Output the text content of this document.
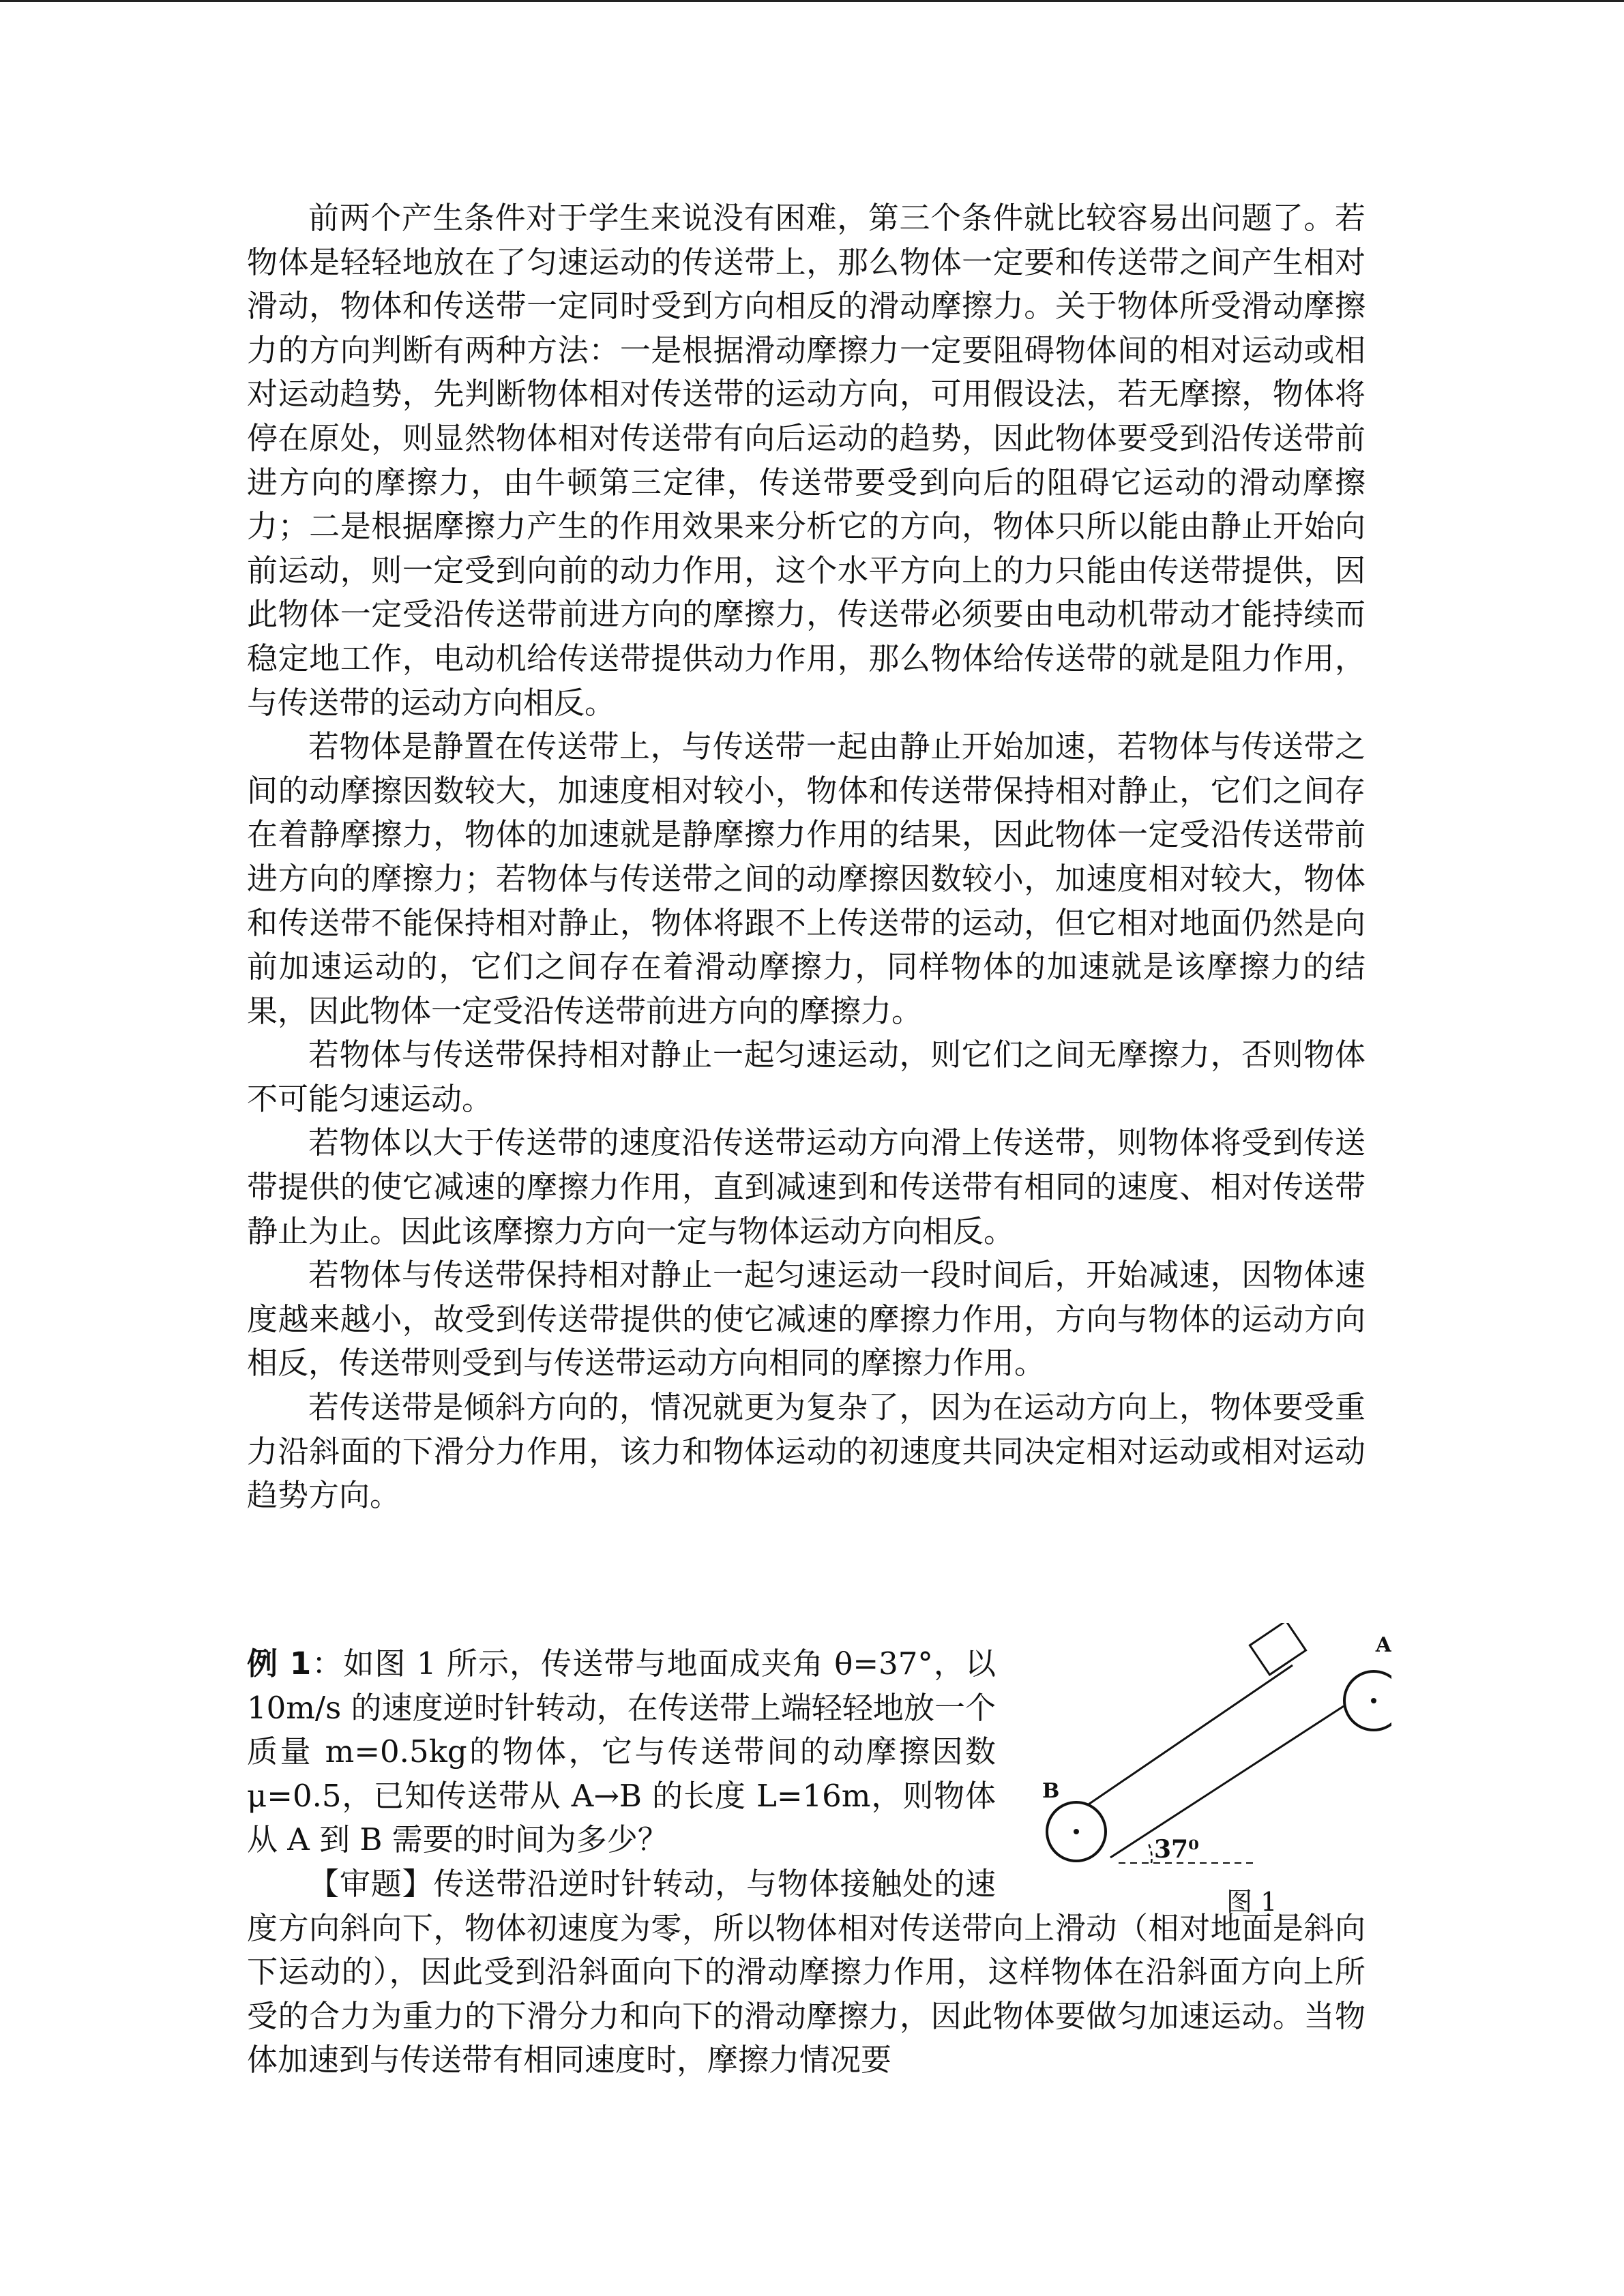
前两个产生条件对于学生来说没有困难，第三个条件就比较容易出问题了。若物体是轻轻地放在了匀速运动的传送带上，那么物体一定要和传送带之间产生相对滑动，物体和传送带一定同时受到方向相反的滑动摩擦力。关于物体所受滑动摩擦力的方向判断有两种方法：一是根据滑动摩擦力一定要阻碍物体间的相对运动或相对运动趋势，先判断物体相对传送带的运动方向，可用假设法，若无摩擦，物体将停在原处，则显然物体相对传送带有向后运动的趋势，因此物体要受到沿传送带前进方向的摩擦力，由牛顿第三定律，传送带要受到向后的阻碍它运动的滑动摩擦力；二是根据摩擦力产生的作用效果来分析它的方向，物体只所以能由静止开始向前运动，则一定受到向前的动力作用，这个水平方向上的力只能由传送带提供，因此物体一定受沿传送带前进方向的摩擦力，传送带必须要由电动机带动才能持续而稳定地工作，电动机给传送带提供动力作用，那么物体给传送带的就是阻力作用，与传送带的运动方向相反。

若物体是静置在传送带上，与传送带一起由静止开始加速，若物体与传送带之间的动摩擦因数较大，加速度相对较小，物体和传送带保持相对静止，它们之间存在着静摩擦力，物体的加速就是静摩擦力作用的结果，因此物体一定受沿传送带前进方向的摩擦力；若物体与传送带之间的动摩擦因数较小，加速度相对较大，物体和传送带不能保持相对静止，物体将跟不上传送带的运动，但它相对地面仍然是向前加速运动的，它们之间存在着滑动摩擦力，同样物体的加速就是该摩擦力的结果，因此物体一定受沿传送带前进方向的摩擦力。

若物体与传送带保持相对静止一起匀速运动，则它们之间无摩擦力，否则物体不可能匀速运动。

若物体以大于传送带的速度沿传送带运动方向滑上传送带，则物体将受到传送带提供的使它减速的摩擦力作用，直到减速到和传送带有相同的速度、相对传送带静止为止。因此该摩擦力方向一定与物体运动方向相反。

若物体与传送带保持相对静止一起匀速运动一段时间后，开始减速，因物体速度越来越小，故受到传送带提供的使它减速的摩擦力作用，方向与物体的运动方向相反，传送带则受到与传送带运动方向相同的摩擦力作用。

若传送带是倾斜方向的，情况就更为复杂了，因为在运动方向上，物体要受重力沿斜面的下滑分力作用，该力和物体运动的初速度共同决定相对运动或相对运动趋势方向。

例 1：如图 1 所示，传送带与地面成夹角 θ=37°，以 10m/s 的速度逆时针转动，在传送带上端轻轻地放一个质量 m=0.5kg的物体，它与传送带间的动摩擦因数 μ=0.5，已知传送带从 A→B 的长度 L=16m，则物体从 A 到 B 需要的时间为多少？

【审题】传送带沿逆时针转动，与物体接触处的速度方向斜向下，物体初速度为零，所以物体相对传送带向上滑动（相对地面是斜向下运动的），因此受到沿斜面向下的滑动摩擦力作用，这样物体在沿斜面方向上所受的合力为重力的下滑分力和向下的滑动摩擦力，因此物体要做匀加速运动。当物体加速到与传送带有相同速度时，摩擦力情况要

A
B
37⁰
图 1
